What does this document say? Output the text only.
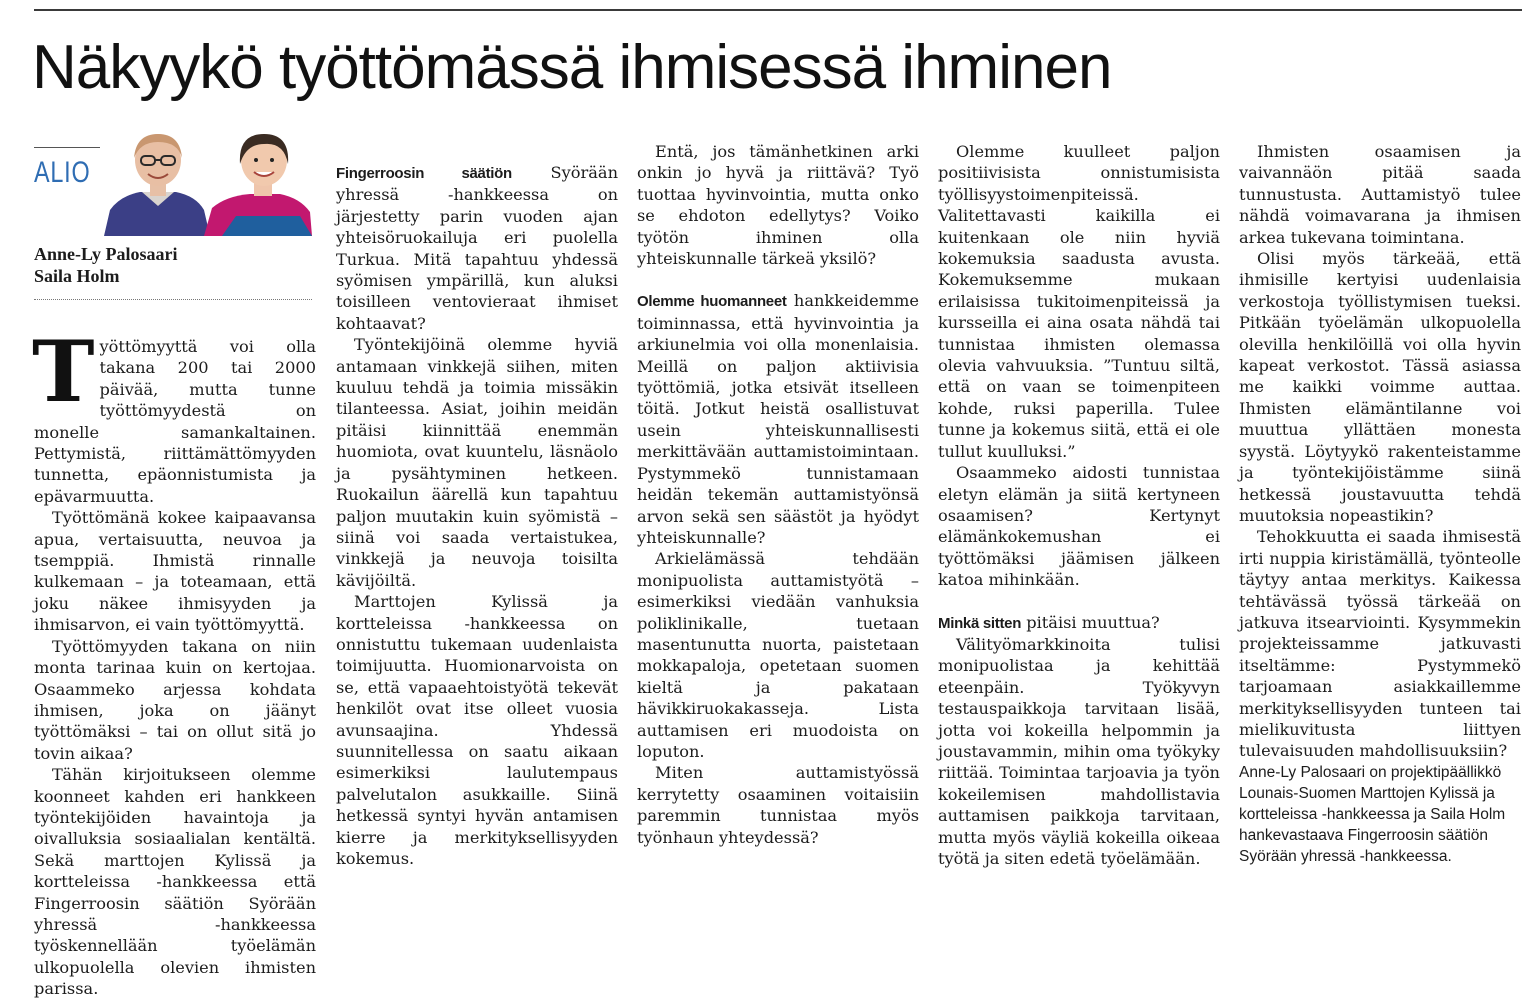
Näkyykö työttömässä ihmisessä ihminen
ALIO
Anne-Ly Palosaari
Saila Holm

Työttömyyttä voi olla takana 200 tai 2000 päivää, mutta tunne työttömyydestä on monelle samankaltainen. Pettymistä, riittämättömyyden tunnetta, epäonnistumista ja epävarmuutta.

Työttömänä kokee kaipaavansa apua, vertaisuutta, neuvoa ja tsemppiä. Ihmistä rinnalle kulkemaan – ja toteamaan, että joku näkee ihmisyyden ja ihmisarvon, ei vain työttömyyttä.

Työttömyyden takana on niin monta tarinaa kuin on kertojaa. Osaammeko arjessa kohdata ihmisen, joka on jäänyt työttömäksi – tai on ollut sitä jo tovin aikaa?

Tähän kirjoitukseen olemme koonneet kahden eri hankkeen työntekijöiden havaintoja ja oivalluksia sosiaalialan kentältä. Sekä marttojen Kylissä ja kortteleissa -hankkeessa että Fingerroosin säätiön Syörään yhressä -hankkeessa työskennellään työelämän ulkopuolella olevien ihmisten parissa.

Fingerroosin säätiön Syörään yhressä -hankkeessa on järjestetty parin vuoden ajan yhteisöruokailuja eri puolella Turkua. Mitä tapahtuu yhdessä syömisen ympärillä, kun aluksi toisilleen ventovieraat ihmiset kohtaavat?

Työntekijöinä olemme hyviä antamaan vinkkejä siihen, miten kuuluu tehdä ja toimia missäkin tilanteessa. Asiat, joihin meidän pitäisi kiinnittää enemmän huomiota, ovat kuuntelu, läsnäolo ja pysähtyminen hetkeen. Ruokailun äärellä kun tapahtuu paljon muutakin kuin syömistä – siinä voi saada vertaistukea, vinkkejä ja neuvoja toisilta kävijöiltä.

Marttojen Kylissä ja kortteleissa -hankkeessa on onnistuttu tukemaan uudenlaista toimijuutta. Huomionarvoista on se, että vapaaehtoistyötä tekevät henkilöt ovat itse olleet vuosia avunsaajina. Yhdessä suunnitellessa on saatu aikaan esimerkiksi laulutempaus palvelutalon asukkaille. Siinä hetkessä syntyi hyvän antamisen kierre ja merkityksellisyyden kokemus.

Entä, jos tämänhetkinen arki onkin jo hyvä ja riittävä? Työ tuottaa hyvinvointia, mutta onko se ehdoton edellytys? Voiko työtön ihminen olla yhteiskunnalle tärkeä yksilö?

Olemme huomanneet hankkeidemme toiminnassa, että hyvinvointia ja arkiunelmia voi olla monenlaisia. Meillä on paljon aktiivisia työttömiä, jotka etsivät itselleen töitä. Jotkut heistä osallistuvat usein yhteiskunnallisesti merkittävään auttamistoimintaan. Pystymmekö tunnistamaan heidän tekemän auttamistyönsä arvon sekä sen säästöt ja hyödyt yhteiskunnalle?

Arkielämässä tehdään monipuolista auttamistyötä – esimerkiksi viedään vanhuksia poliklinikalle, tuetaan masentunutta nuorta, paistetaan mokkapaloja, opetetaan suomen kieltä ja pakataan hävikkiruokakasseja. Lista auttamisen eri muodoista on loputon.

Miten auttamistyössä kerrytetty osaaminen voitaisiin paremmin tunnistaa myös työnhaun yhteydessä?

Olemme kuulleet paljon positiivisista onnistumisista työllisyystoimenpiteissä. Valitettavasti kaikilla ei kuitenkaan ole niin hyviä kokemuksia saadusta avusta. Kokemuksemme mukaan erilaisissa tukitoimenpiteissä ja kursseilla ei aina osata nähdä tai tunnistaa ihmisten olemassa olevia vahvuuksia. ”Tuntuu siltä, että on vaan se toimenpiteen kohde, ruksi paperilla. Tulee tunne ja kokemus siitä, että ei ole tullut kuulluksi.”

Osaammeko aidosti tunnistaa eletyn elämän ja siitä kertyneen osaamisen? Kertynyt elämänkokemushan ei työttömäksi jäämisen jälkeen katoa mihinkään.

Minkä sitten pitäisi muuttua?

Välityömarkkinoita tulisi monipuolistaa ja kehittää eteenpäin. Työkyvyn testauspaikkoja tarvitaan lisää, jotta voi kokeilla helpommin ja joustavammin, mihin oma työkyky riittää. Toimintaa tarjoavia ja työn kokeilemisen mahdollistavia auttamisen paikkoja tarvitaan, mutta myös väyliä kokeilla oikeaa työtä ja siten edetä työelämään.

Ihmisten osaamisen ja vaivannäön pitää saada tunnustusta. Auttamistyö tulee nähdä voimavarana ja ihmisen arkea tukevana toimintana.

Olisi myös tärkeää, että ihmisille kertyisi uudenlaisia verkostoja työllistymisen tueksi. Pitkään työelämän ulkopuolella olevilla henkilöillä voi olla hyvin kapeat verkostot. Tässä asiassa me kaikki voimme auttaa. Ihmisten elämäntilanne voi muuttua yllättäen monesta syystä. Löytyykö rakenteistamme ja työntekijöistämme siinä hetkessä joustavuutta tehdä muutoksia nopeastikin?

Tehokkuutta ei saada ihmisestä irti nuppia kiristämällä, työnteolle täytyy antaa merkitys. Kaikessa tehtävässä työssä tärkeää on jatkuva itsearviointi. Kysymmekin projekteissamme jatkuvasti itseltämme: Pystymmekö tarjoamaan asiakkaillemme merkityksellisyyden tunteen tai mielikuvitusta liittyen tulevaisuuden mahdollisuuksiin?

Anne-Ly Palosaari on projektipäällikkö Lounais-Suomen Marttojen Kylissä ja kortteleissa -hankkeessa ja Saila Holm hankevastaava Fingerroosin säätiön Syörään yhressä -hankkeessa.
